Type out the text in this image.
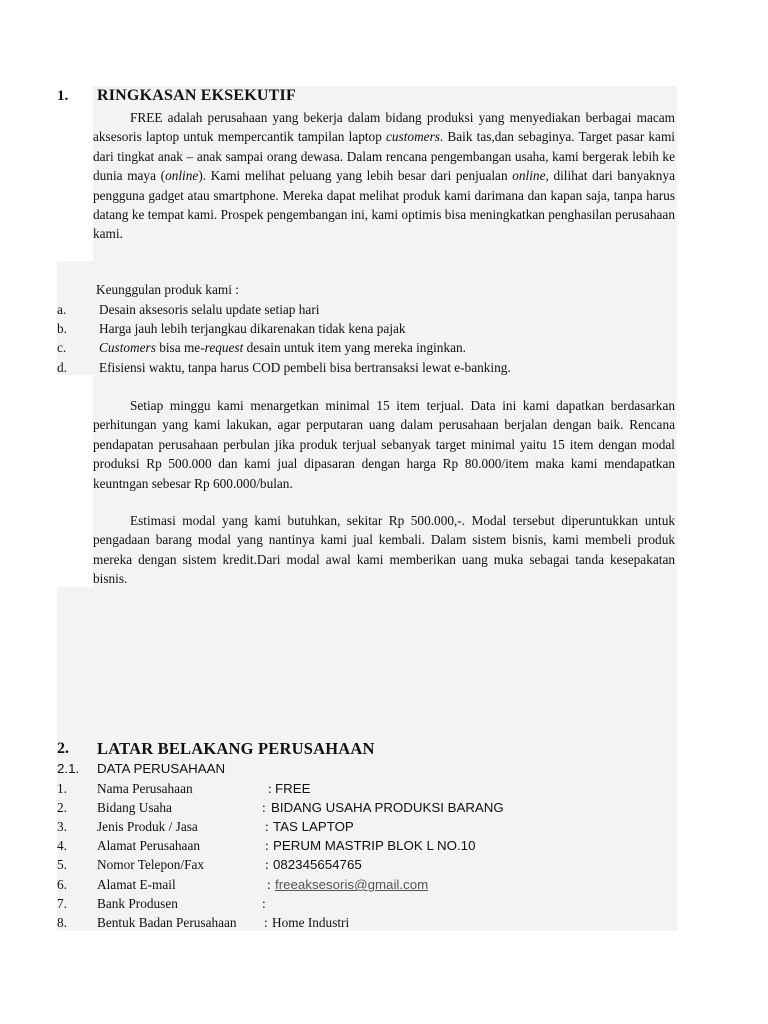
1. RINGKASAN EKSEKUTIF

FREE adalah perusahaan yang bekerja dalam bidang produksi yang menyediakan berbagai macam aksesoris laptop untuk mempercantik tampilan laptop customers. Baik tas,dan sebaginya. Target pasar kami dari tingkat anak – anak sampai orang dewasa. Dalam rencana pengembangan usaha, kami bergerak lebih ke dunia maya (online). Kami melihat peluang yang lebih besar dari penjualan online, dilihat dari banyaknya pengguna gadget atau smartphone. Mereka dapat melihat produk kami darimana dan kapan saja, tanpa harus datang ke tempat kami. Prospek pengembangan ini, kami optimis bisa meningkatkan penghasilan perusahaan kami.

Keunggulan produk kami :
a. Desain aksesoris selalu update setiap hari
b. Harga jauh lebih terjangkau dikarenakan tidak kena pajak
c. Customers bisa me-request desain untuk item yang mereka inginkan.
d. Efisiensi waktu, tanpa harus COD pembeli bisa bertransaksi lewat e-banking.

Setiap minggu kami menargetkan minimal 15 item terjual. Data ini kami dapatkan berdasarkan perhitungan yang kami lakukan, agar perputaran uang dalam perusahaan berjalan dengan baik. Rencana pendapatan perusahaan perbulan jika produk terjual sebanyak target minimal yaitu 15 item dengan modal produksi Rp 500.000 dan kami jual dipasaran dengan harga Rp 80.000/item maka kami mendapatkan keuntngan sebesar Rp 600.000/bulan.

Estimasi modal yang kami butuhkan, sekitar Rp 500.000,-. Modal tersebut diperuntukkan untuk pengadaan barang modal yang nantinya kami jual kembali. Dalam sistem bisnis, kami membeli produk mereka dengan sistem kredit.Dari modal awal kami memberikan uang muka sebagai tanda kesepakatan bisnis.

2. LATAR BELAKANG PERUSAHAAN
2.1. DATA PERUSAHAAN
1. Nama Perusahaan	: FREE
2. Bidang Usaha	: BIDANG USAHA PRODUKSI BARANG
3. Jenis Produk / Jasa	: TAS LAPTOP
4. Alamat Perusahaan	: PERUM MASTRIP BLOK L NO.10
5. Nomor Telepon/Fax	: 082345654765
6. Alamat E-mail	: freeaksesoris@gmail.com
7. Bank Produsen	:
8. Bentuk Badan Perusahaan : Home Industri
